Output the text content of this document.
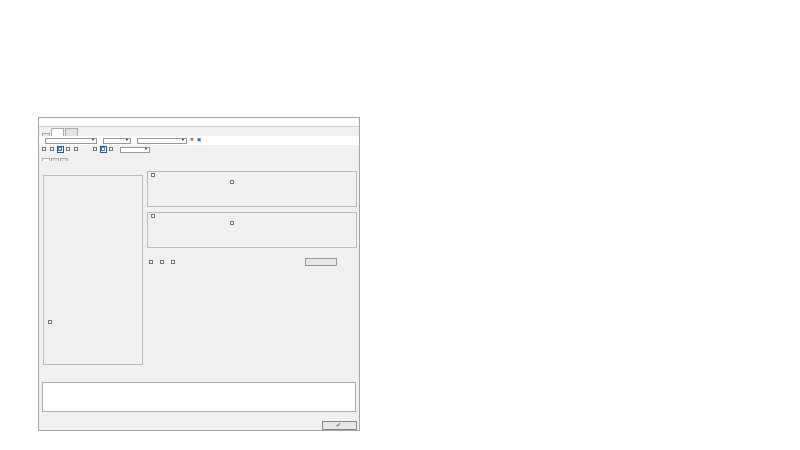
▾	▾	▾ ✖ ▣
✓	▾
✔
